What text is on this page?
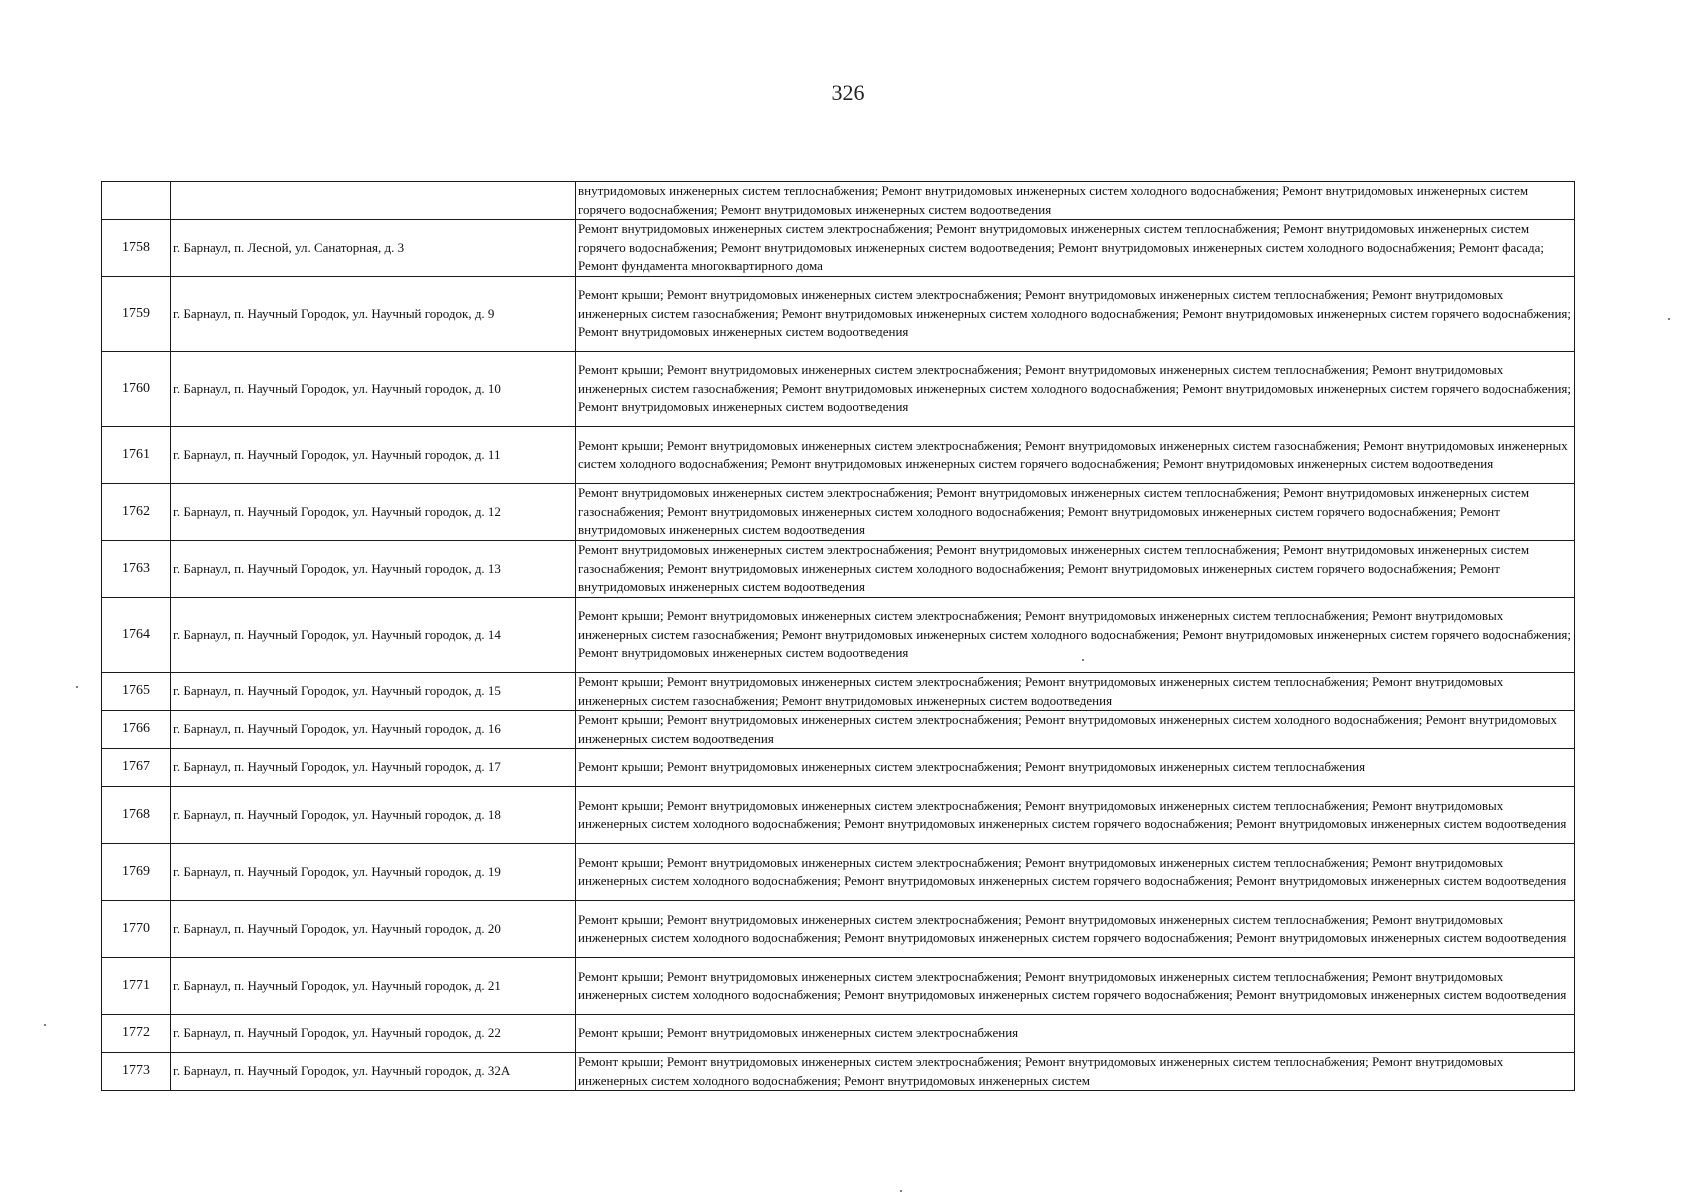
326
		внутридомовых инженерных систем теплоснабжения; Ремонт внутридомовых инженерных систем холодного водоснабжения; Ремонт внутридомовых инженерных систем горячего водоснабжения; Ремонт внутридомовых инженерных систем водоотведения
1758	г. Барнаул, п. Лесной, ул. Санаторная, д. 3	Ремонт внутридомовых инженерных систем электроснабжения; Ремонт внутридомовых инженерных систем теплоснабжения; Ремонт внутридомовых инженерных систем горячего водоснабжения; Ремонт внутридомовых инженерных систем водоотведения; Ремонт внутридомовых инженерных систем холодного водоснабжения; Ремонт фасада; Ремонт фундамента многоквартирного дома
1759	г. Барнаул, п. Научный Городок, ул. Научный городок, д. 9	Ремонт крыши; Ремонт внутридомовых инженерных систем электроснабжения; Ремонт внутридомовых инженерных систем теплоснабжения; Ремонт внутридомовых инженерных систем газоснабжения; Ремонт внутридомовых инженерных систем холодного водоснабжения; Ремонт внутридомовых инженерных систем горячего водоснабжения; Ремонт внутридомовых инженерных систем водоотведения
1760	г. Барнаул, п. Научный Городок, ул. Научный городок, д. 10	Ремонт крыши; Ремонт внутридомовых инженерных систем электроснабжения; Ремонт внутридомовых инженерных систем теплоснабжения; Ремонт внутридомовых инженерных систем газоснабжения; Ремонт внутридомовых инженерных систем холодного водоснабжения; Ремонт внутридомовых инженерных систем горячего водоснабжения; Ремонт внутридомовых инженерных систем водоотведения
1761	г. Барнаул, п. Научный Городок, ул. Научный городок, д. 11	Ремонт крыши; Ремонт внутридомовых инженерных систем электроснабжения; Ремонт внутридомовых инженерных систем газоснабжения; Ремонт внутридомовых инженерных систем холодного водоснабжения; Ремонт внутридомовых инженерных систем горячего водоснабжения; Ремонт внутридомовых инженерных систем водоотведения
1762	г. Барнаул, п. Научный Городок, ул. Научный городок, д. 12	Ремонт внутридомовых инженерных систем электроснабжения; Ремонт внутридомовых инженерных систем теплоснабжения; Ремонт внутридомовых инженерных систем газоснабжения; Ремонт внутридомовых инженерных систем холодного водоснабжения; Ремонт внутридомовых инженерных систем горячего водоснабжения; Ремонт внутридомовых инженерных систем водоотведения
1763	г. Барнаул, п. Научный Городок, ул. Научный городок, д. 13	Ремонт внутридомовых инженерных систем электроснабжения; Ремонт внутридомовых инженерных систем теплоснабжения; Ремонт внутридомовых инженерных систем газоснабжения; Ремонт внутридомовых инженерных систем холодного водоснабжения; Ремонт внутридомовых инженерных систем горячего водоснабжения; Ремонт внутридомовых инженерных систем водоотведения
1764	г. Барнаул, п. Научный Городок, ул. Научный городок, д. 14	Ремонт крыши; Ремонт внутридомовых инженерных систем электроснабжения; Ремонт внутридомовых инженерных систем теплоснабжения; Ремонт внутридомовых инженерных систем газоснабжения; Ремонт внутридомовых инженерных систем холодного водоснабжения; Ремонт внутридомовых инженерных систем горячего водоснабжения; Ремонт внутридомовых инженерных систем водоотведения
1765	г. Барнаул, п. Научный Городок, ул. Научный городок, д. 15	Ремонт крыши; Ремонт внутридомовых инженерных систем электроснабжения; Ремонт внутридомовых инженерных систем теплоснабжения; Ремонт внутридомовых инженерных систем газоснабжения; Ремонт внутридомовых инженерных систем водоотведения
1766	г. Барнаул, п. Научный Городок, ул. Научный городок, д. 16	Ремонт крыши; Ремонт внутридомовых инженерных систем электроснабжения; Ремонт внутридомовых инженерных систем холодного водоснабжения; Ремонт внутридомовых инженерных систем водоотведения
1767	г. Барнаул, п. Научный Городок, ул. Научный городок, д. 17	Ремонт крыши; Ремонт внутридомовых инженерных систем электроснабжения; Ремонт внутридомовых инженерных систем теплоснабжения
1768	г. Барнаул, п. Научный Городок, ул. Научный городок, д. 18	Ремонт крыши; Ремонт внутридомовых инженерных систем электроснабжения; Ремонт внутридомовых инженерных систем теплоснабжения; Ремонт внутридомовых инженерных систем холодного водоснабжения; Ремонт внутридомовых инженерных систем горячего водоснабжения; Ремонт внутридомовых инженерных систем водоотведения
1769	г. Барнаул, п. Научный Городок, ул. Научный городок, д. 19	Ремонт крыши; Ремонт внутридомовых инженерных систем электроснабжения; Ремонт внутридомовых инженерных систем теплоснабжения; Ремонт внутридомовых инженерных систем холодного водоснабжения; Ремонт внутридомовых инженерных систем горячего водоснабжения; Ремонт внутридомовых инженерных систем водоотведения
1770	г. Барнаул, п. Научный Городок, ул. Научный городок, д. 20	Ремонт крыши; Ремонт внутридомовых инженерных систем электроснабжения; Ремонт внутридомовых инженерных систем теплоснабжения; Ремонт внутридомовых инженерных систем холодного водоснабжения; Ремонт внутридомовых инженерных систем горячего водоснабжения; Ремонт внутридомовых инженерных систем водоотведения
1771	г. Барнаул, п. Научный Городок, ул. Научный городок, д. 21	Ремонт крыши; Ремонт внутридомовых инженерных систем электроснабжения; Ремонт внутридомовых инженерных систем теплоснабжения; Ремонт внутридомовых инженерных систем холодного водоснабжения; Ремонт внутридомовых инженерных систем горячего водоснабжения; Ремонт внутридомовых инженерных систем водоотведения
1772	г. Барнаул, п. Научный Городок, ул. Научный городок, д. 22	Ремонт крыши; Ремонт внутридомовых инженерных систем электроснабжения
1773	г. Барнаул, п. Научный Городок, ул. Научный городок, д. 32А	Ремонт крыши; Ремонт внутридомовых инженерных систем электроснабжения; Ремонт внутридомовых инженерных систем теплоснабжения; Ремонт внутридомовых инженерных систем холодного водоснабжения; Ремонт внутридомовых инженерных систем
